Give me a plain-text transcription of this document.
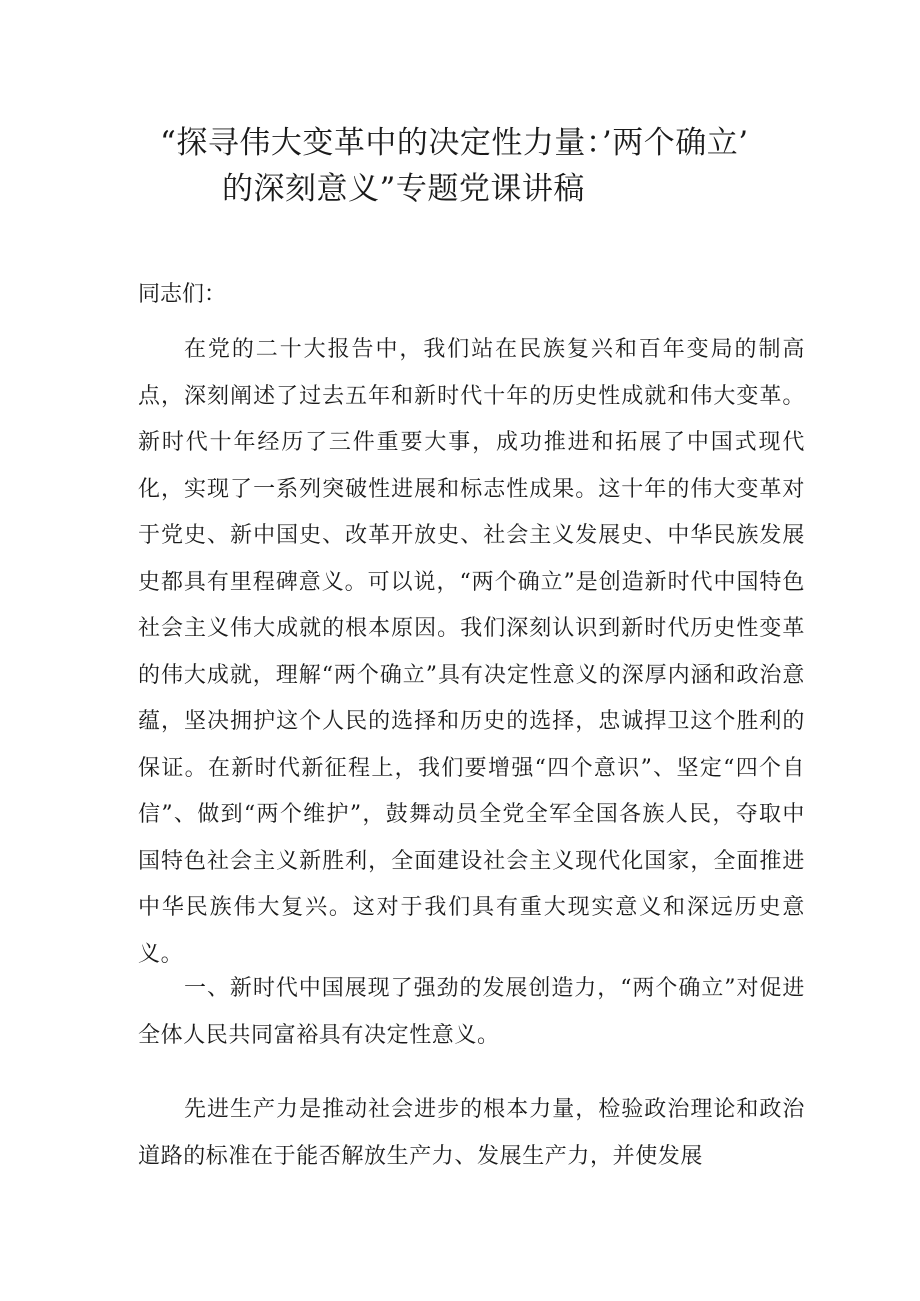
“探寻伟大变革中的决定性力量：’两个确立’
的深刻意义”专题党课讲稿

同志们：

在党的二十大报告中，我们站在民族复兴和百年变局的制高点，深刻阐述了过去五年和新时代十年的历史性成就和伟大变革。新时代十年经历了三件重要大事，成功推进和拓展了中国式现代化，实现了一系列突破性进展和标志性成果。这十年的伟大变革对于党史、新中国史、改革开放史、社会主义发展史、中华民族发展史都具有里程碑意义。可以说，“两个确立”是创造新时代中国特色社会主义伟大成就的根本原因。我们深刻认识到新时代历史性变革的伟大成就，理解“两个确立”具有决定性意义的深厚内涵和政治意蕴，坚决拥护这个人民的选择和历史的选择，忠诚捍卫这个胜利的保证。在新时代新征程上，我们要增强“四个意识”、坚定“四个自信”、做到“两个维护”，鼓舞动员全党全军全国各族人民，夺取中国特色社会主义新胜利，全面建设社会主义现代化国家，全面推进中华民族伟大复兴。这对于我们具有重大现实意义和深远历史意义。

一、新时代中国展现了强劲的发展创造力，“两个确立”对促进全体人民共同富裕具有决定性意义。

先进生产力是推动社会进步的根本力量，检验政治理论和政治道路的标准在于能否解放生产力、发展生产力，并使发展
